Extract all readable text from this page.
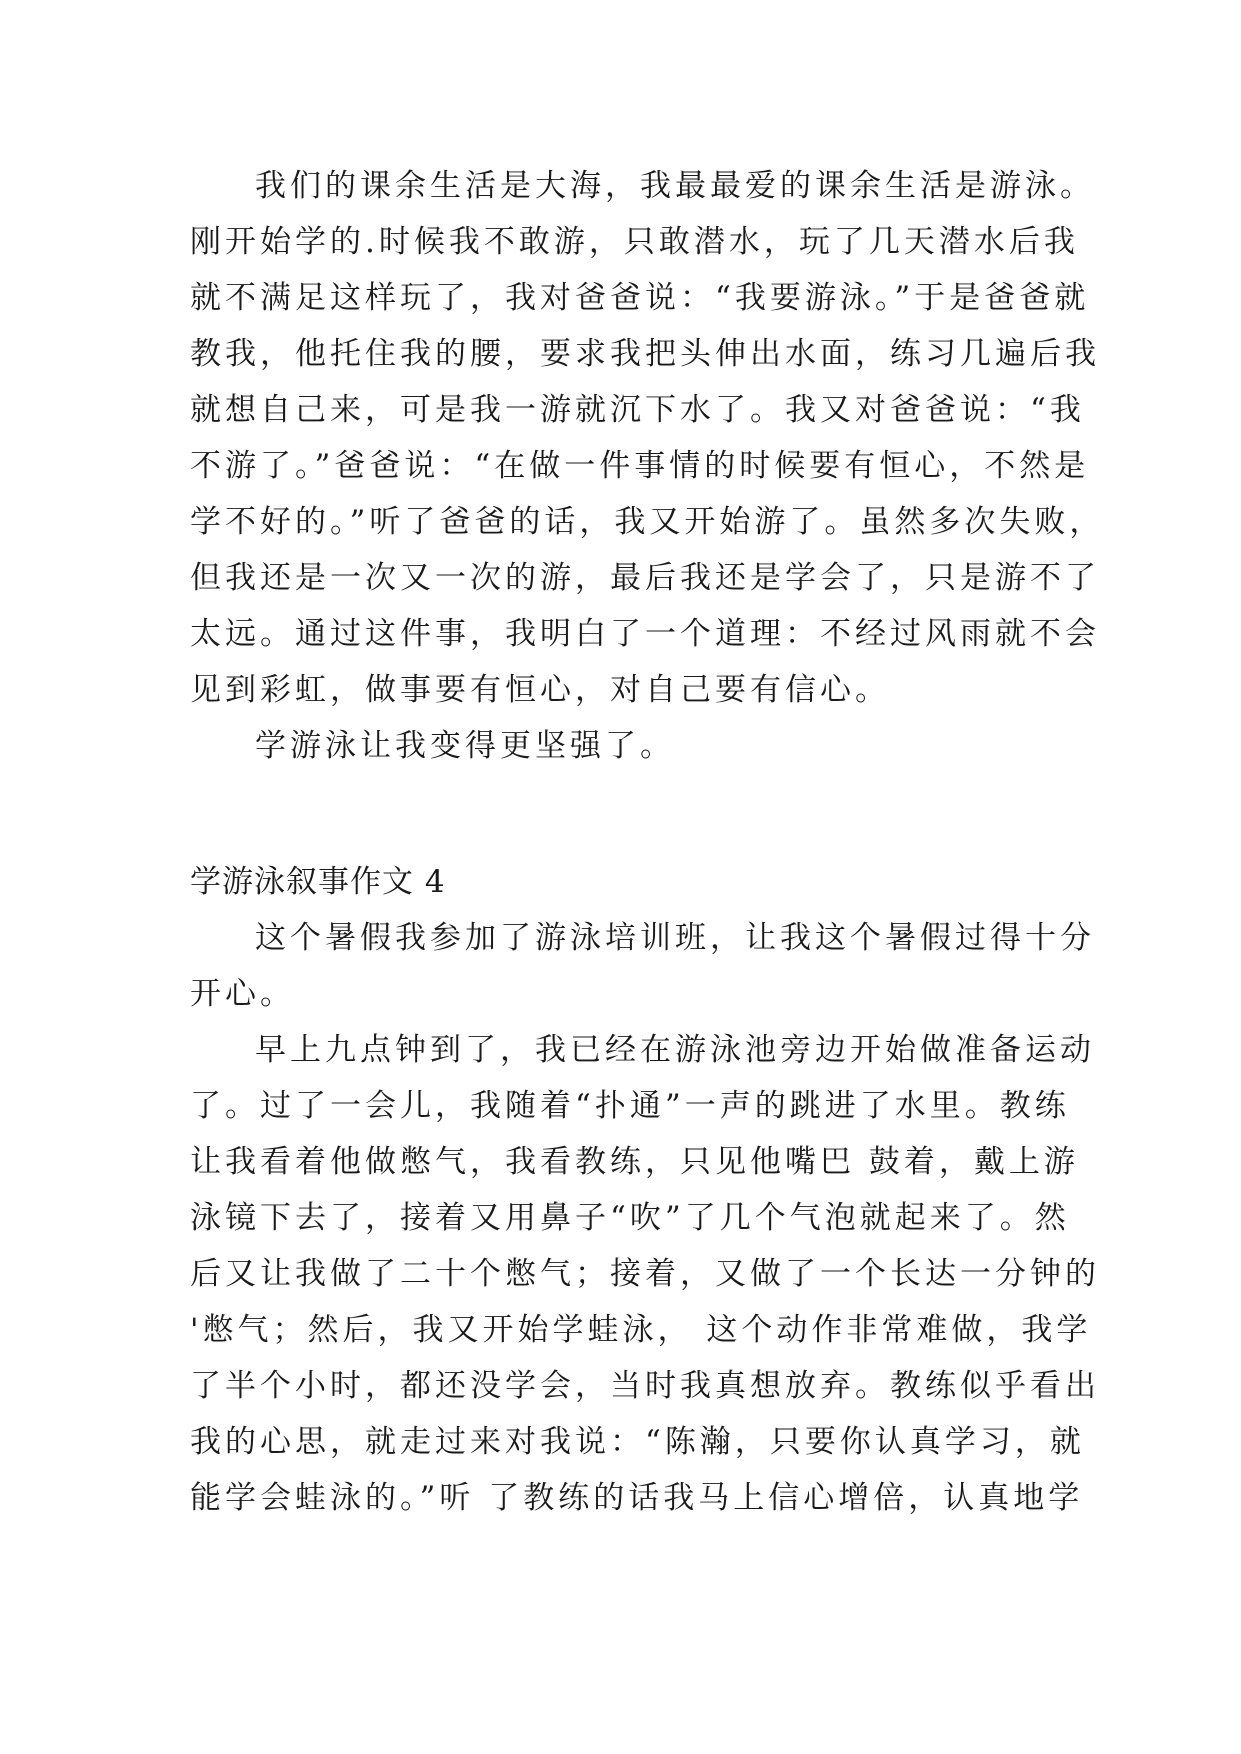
我们的课余生活是大海，我最最爱的课余生活是游泳。
刚开始学的.时候我不敢游，只敢潜水，玩了几天潜水后我
就不满足这样玩了，我对爸爸说：“我要游泳。”于是爸爸就
教我，他托住我的腰，要求我把头伸出水面，练习几遍后我
就想自己来，可是我一游就沉下水了。我又对爸爸说：“我
不游了。”爸爸说：“在做一件事情的时候要有恒心，不然是
学不好的。”听了爸爸的话，我又开始游了。虽然多次失败，
但我还是一次又一次的游，最后我还是学会了，只是游不了
太远。通过这件事，我明白了一个道理：不经过风雨就不会
见到彩虹，做事要有恒心，对自己要有信心。
学游泳让我变得更坚强了。
学游泳叙事作文 4
这个暑假我参加了游泳培训班，让我这个暑假过得十分
开心。
早上九点钟到了，我已经在游泳池旁边开始做准备运动
了。过了一会儿，我随着“扑通”一声的跳进了水里。教练
让我看着他做憋气，我看教练，只见他嘴巴 鼓着，戴上游
泳镜下去了，接着又用鼻子“吹”了几个气泡就起来了。然
后又让我做了二十个憋气；接着，又做了一个长达一分钟的
'憋气；然后，我又开始学蛙泳， 这个动作非常难做，我学
了半个小时，都还没学会，当时我真想放弃。教练似乎看出
我的心思，就走过来对我说：“陈瀚，只要你认真学习，就
能学会蛙泳的。”听 了教练的话我马上信心增倍，认真地学
